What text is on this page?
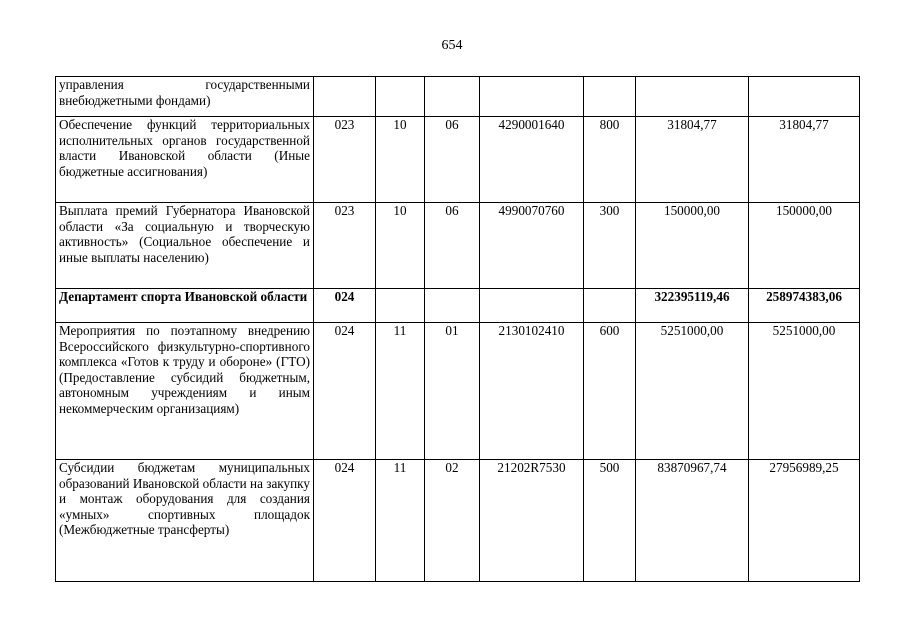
654
управления государственными внебюджетными фондами)							
Обеспечение функций территориальных исполнительных органов государственной власти Ивановской области (Иные бюджетные ассигнования)	023	10	06	4290001640	800	31804,77	31804,77
Выплата премий Губернатора Ивановской области «За социальную и творческую активность» (Социальное обеспечение и иные выплаты населению)	023	10	06	4990070760	300	150000,00	150000,00
Департамент спорта Ивановской области	024					322395119,46	258974383,06
Мероприятия по поэтапному внедрению Всероссийского физкультурно-спортивного комплекса «Готов к труду и обороне» (ГТО) (Предоставление субсидий бюджетным, автономным учреждениям и иным некоммерческим организациям)	024	11	01	2130102410	600	5251000,00	5251000,00
Субсидии бюджетам муниципальных образований Ивановской области на закупку и монтаж оборудования для создания «умных» спортивных площадок (Межбюджетные трансферты)	024	11	02	21202R7530	500	83870967,74	27956989,25
